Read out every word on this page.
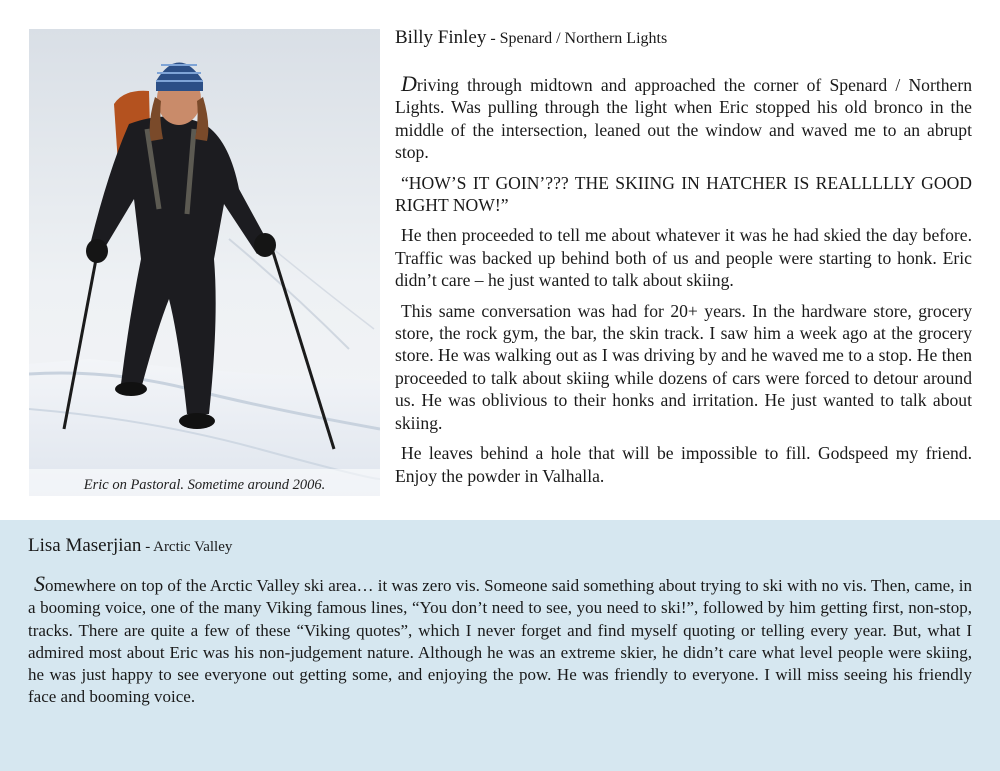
Eric on Pastoral. Sometime around 2006.
Billy Finley - Spenard / Northern Lights

Driving through midtown and approached the corner of Spenard / Northern Lights. Was pulling through the light when Eric stopped his old bronco in the middle of the intersection, leaned out the window and waved me to an abrupt stop.

“HOW’S IT GOIN’??? THE SKIING IN HATCHER IS REALLLLLY GOOD RIGHT NOW!”

He then proceeded to tell me about whatever it was he had skied the day before. Traffic was backed up behind both of us and people were starting to honk. Eric didn’t care – he just wanted to talk about skiing.

This same conversation was had for 20+ years. In the hardware store, grocery store, the rock gym, the bar, the skin track. I saw him a week ago at the grocery store. He was walking out as I was driving by and he waved me to a stop. He then proceeded to talk about skiing while dozens of cars were forced to detour around us. He was oblivious to their honks and irritation. He just wanted to talk about skiing.

He leaves behind a hole that will be impossible to fill. Godspeed my friend. Enjoy the powder in Valhalla.

Lisa Maserjian - Arctic Valley

Somewhere on top of the Arctic Valley ski area… it was zero vis. Someone said something about trying to ski with no vis. Then, came, in a booming voice, one of the many Viking famous lines, “You don’t need to see, you need to ski!”, followed by him getting first, non-stop, tracks. There are quite a few of these “Viking quotes”, which I never forget and find myself quoting or telling every year. But, what I admired most about Eric was his non-judgement nature. Although he was an extreme skier, he didn’t care what level people were skiing, he was just happy to see everyone out getting some, and enjoying the pow. He was friendly to everyone. I will miss seeing his friendly face and booming voice.
